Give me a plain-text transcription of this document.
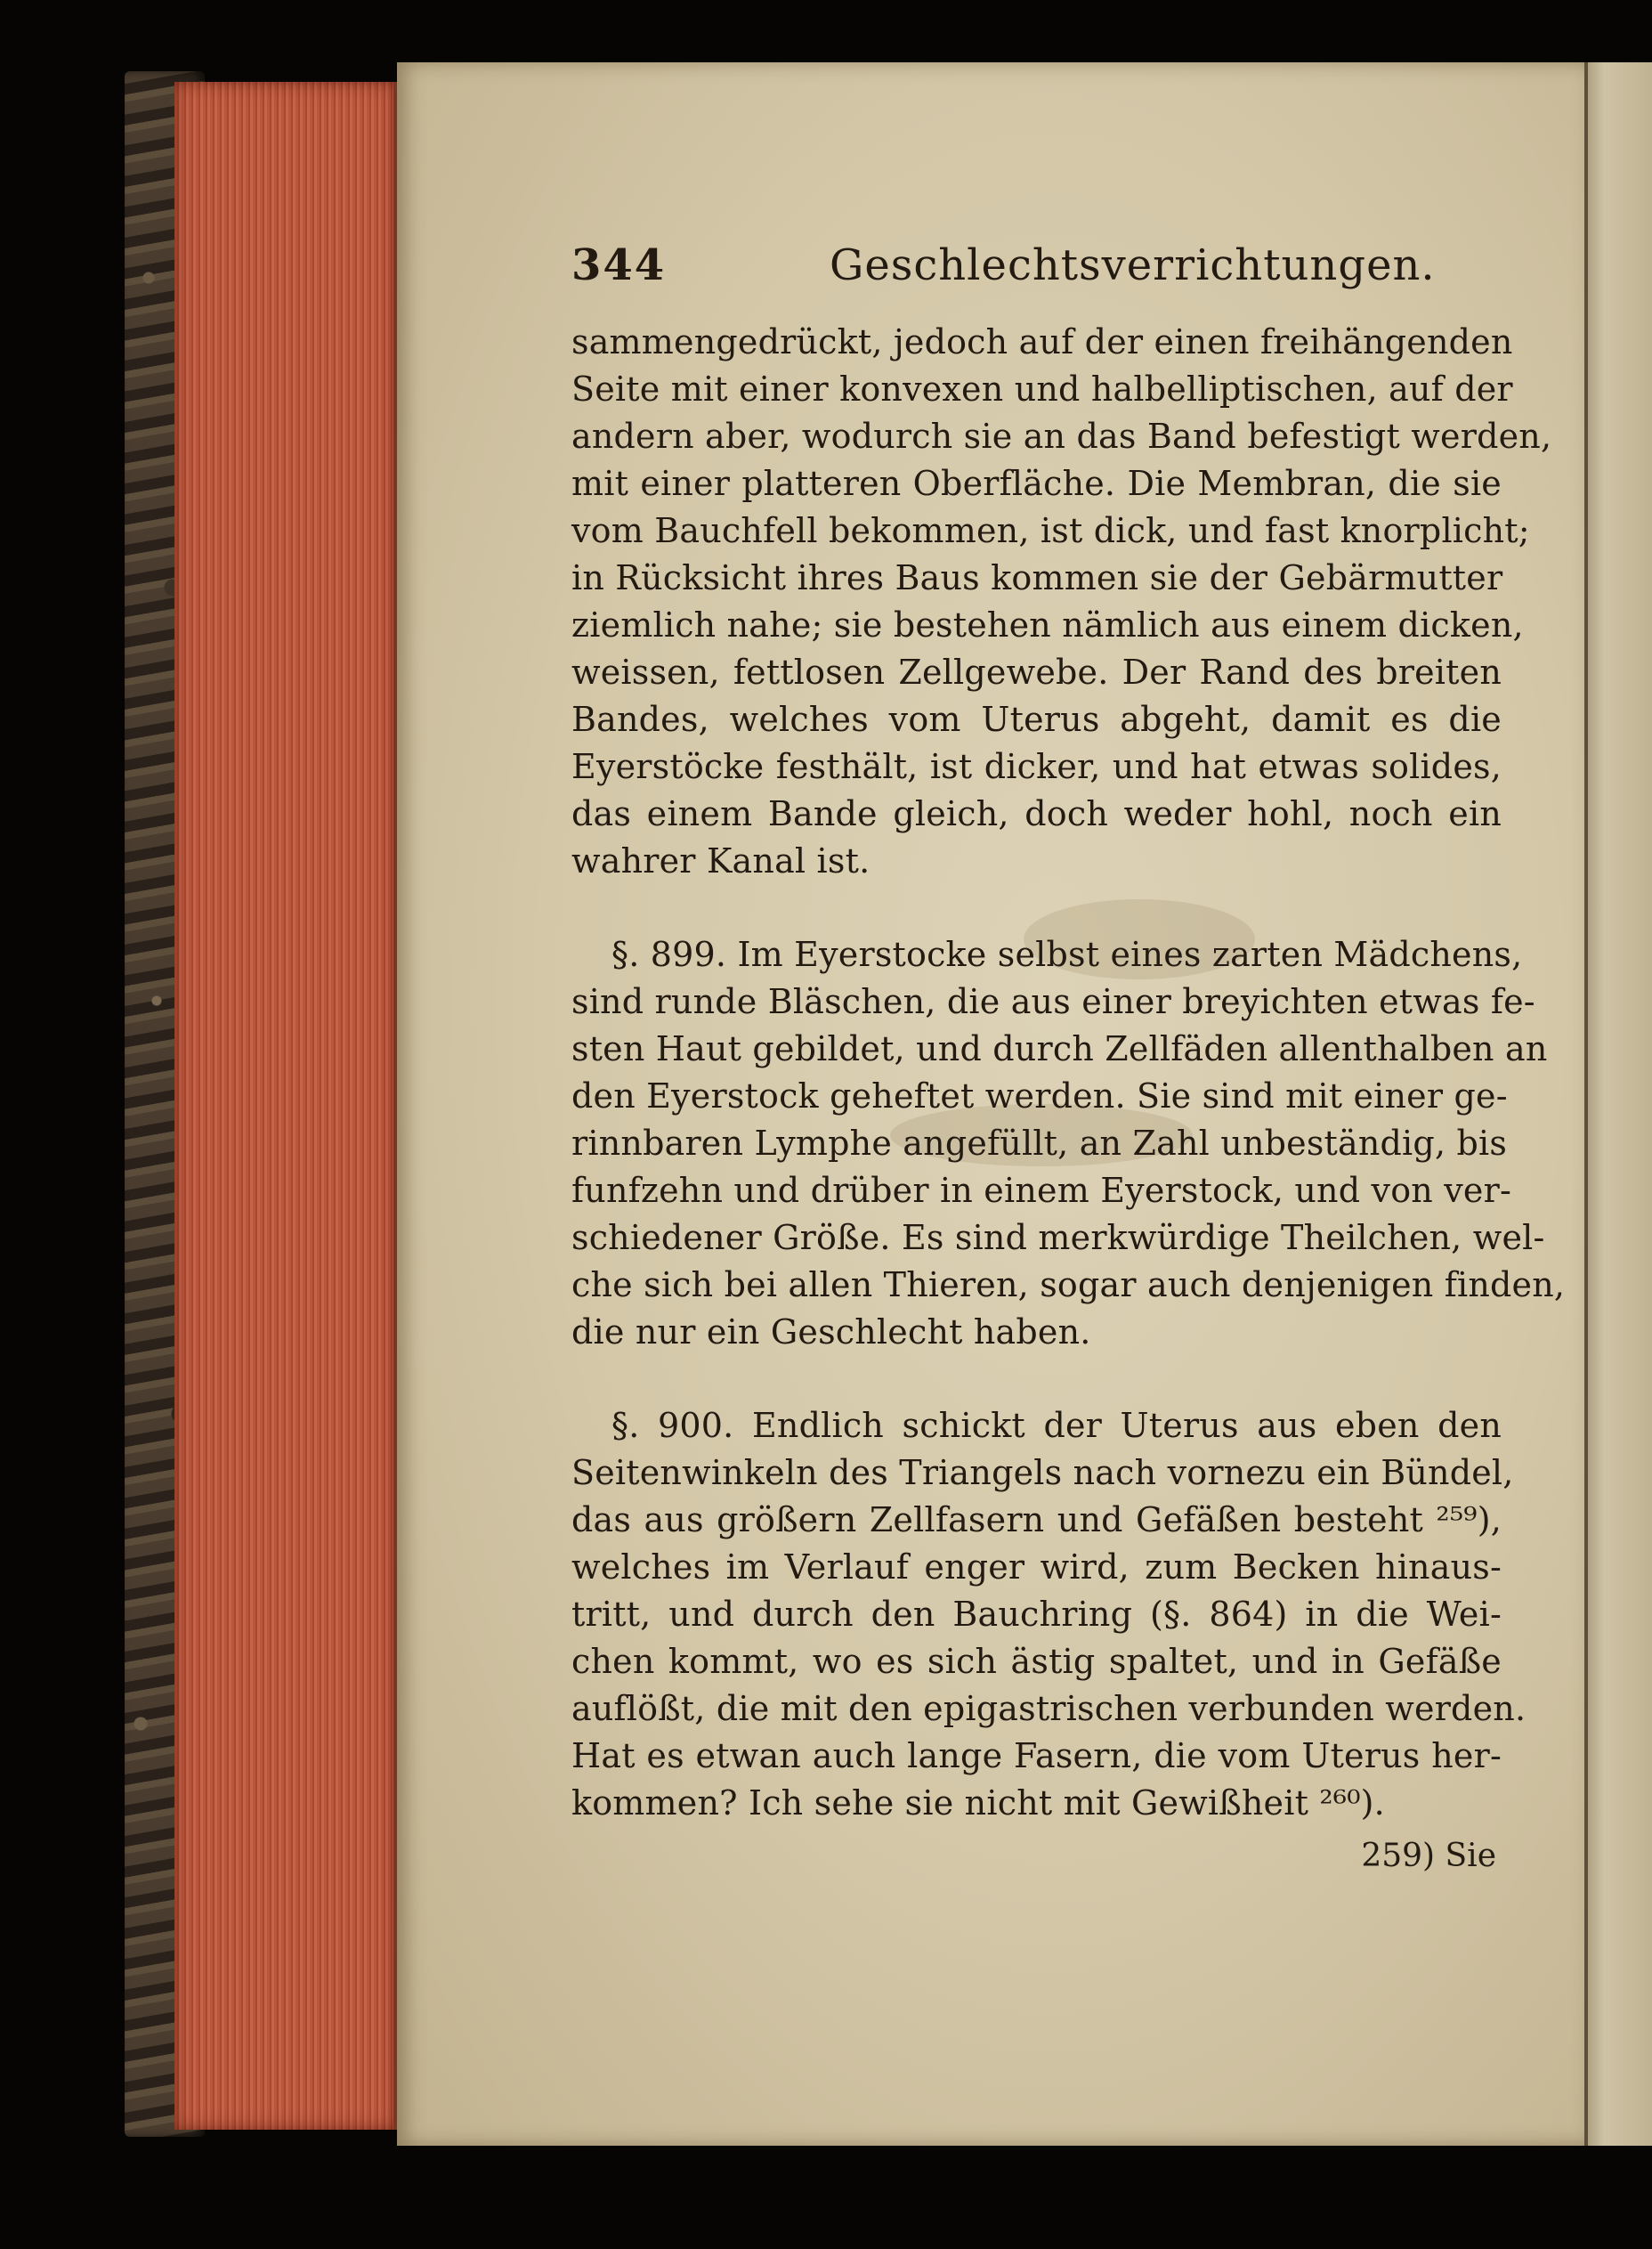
344	Geschlechtsverrichtungen.
sammengedrückt, jedoch auf der einen freihängenden
Seite mit einer konvexen und halbelliptischen, auf der
andern aber, wodurch sie an das Band befestigt werden,
mit einer platteren Oberfläche. Die Membran, die sie
vom Bauchfell bekommen, ist dick, und fast knorplicht;
in Rücksicht ihres Baus kommen sie der Gebärmutter
ziemlich nahe; sie bestehen nämlich aus einem dicken,
weissen, fettlosen Zellgewebe. Der Rand des breiten
Bandes, welches vom Uterus abgeht, damit es die
Eyerstöcke festhält, ist dicker, und hat etwas solides,
das einem Bande gleich, doch weder hohl, noch ein
wahrer Kanal ist.
§. 899. Im Eyerstocke selbst eines zarten Mädchens,
sind runde Bläschen, die aus einer breyichten etwas fe-
sten Haut gebildet, und durch Zellfäden allenthalben an
den Eyerstock geheftet werden. Sie sind mit einer ge-
rinnbaren Lymphe angefüllt, an Zahl unbeständig, bis
funfzehn und drüber in einem Eyerstock, und von ver-
schiedener Größe. Es sind merkwürdige Theilchen, wel-
che sich bei allen Thieren, sogar auch denjenigen finden,
die nur ein Geschlecht haben.
§. 900. Endlich schickt der Uterus aus eben den
Seitenwinkeln des Triangels nach vornezu ein Bündel,
das aus größern Zellfasern und Gefäßen besteht ²⁵⁹),
welches im Verlauf enger wird, zum Becken hinaus-
tritt, und durch den Bauchring (§. 864) in die Wei-
chen kommt, wo es sich ästig spaltet, und in Gefäße
auflößt, die mit den epigastrischen verbunden werden.
Hat es etwan auch lange Fasern, die vom Uterus her-
kommen? Ich sehe sie nicht mit Gewißheit ²⁶⁰).
259) Sie
